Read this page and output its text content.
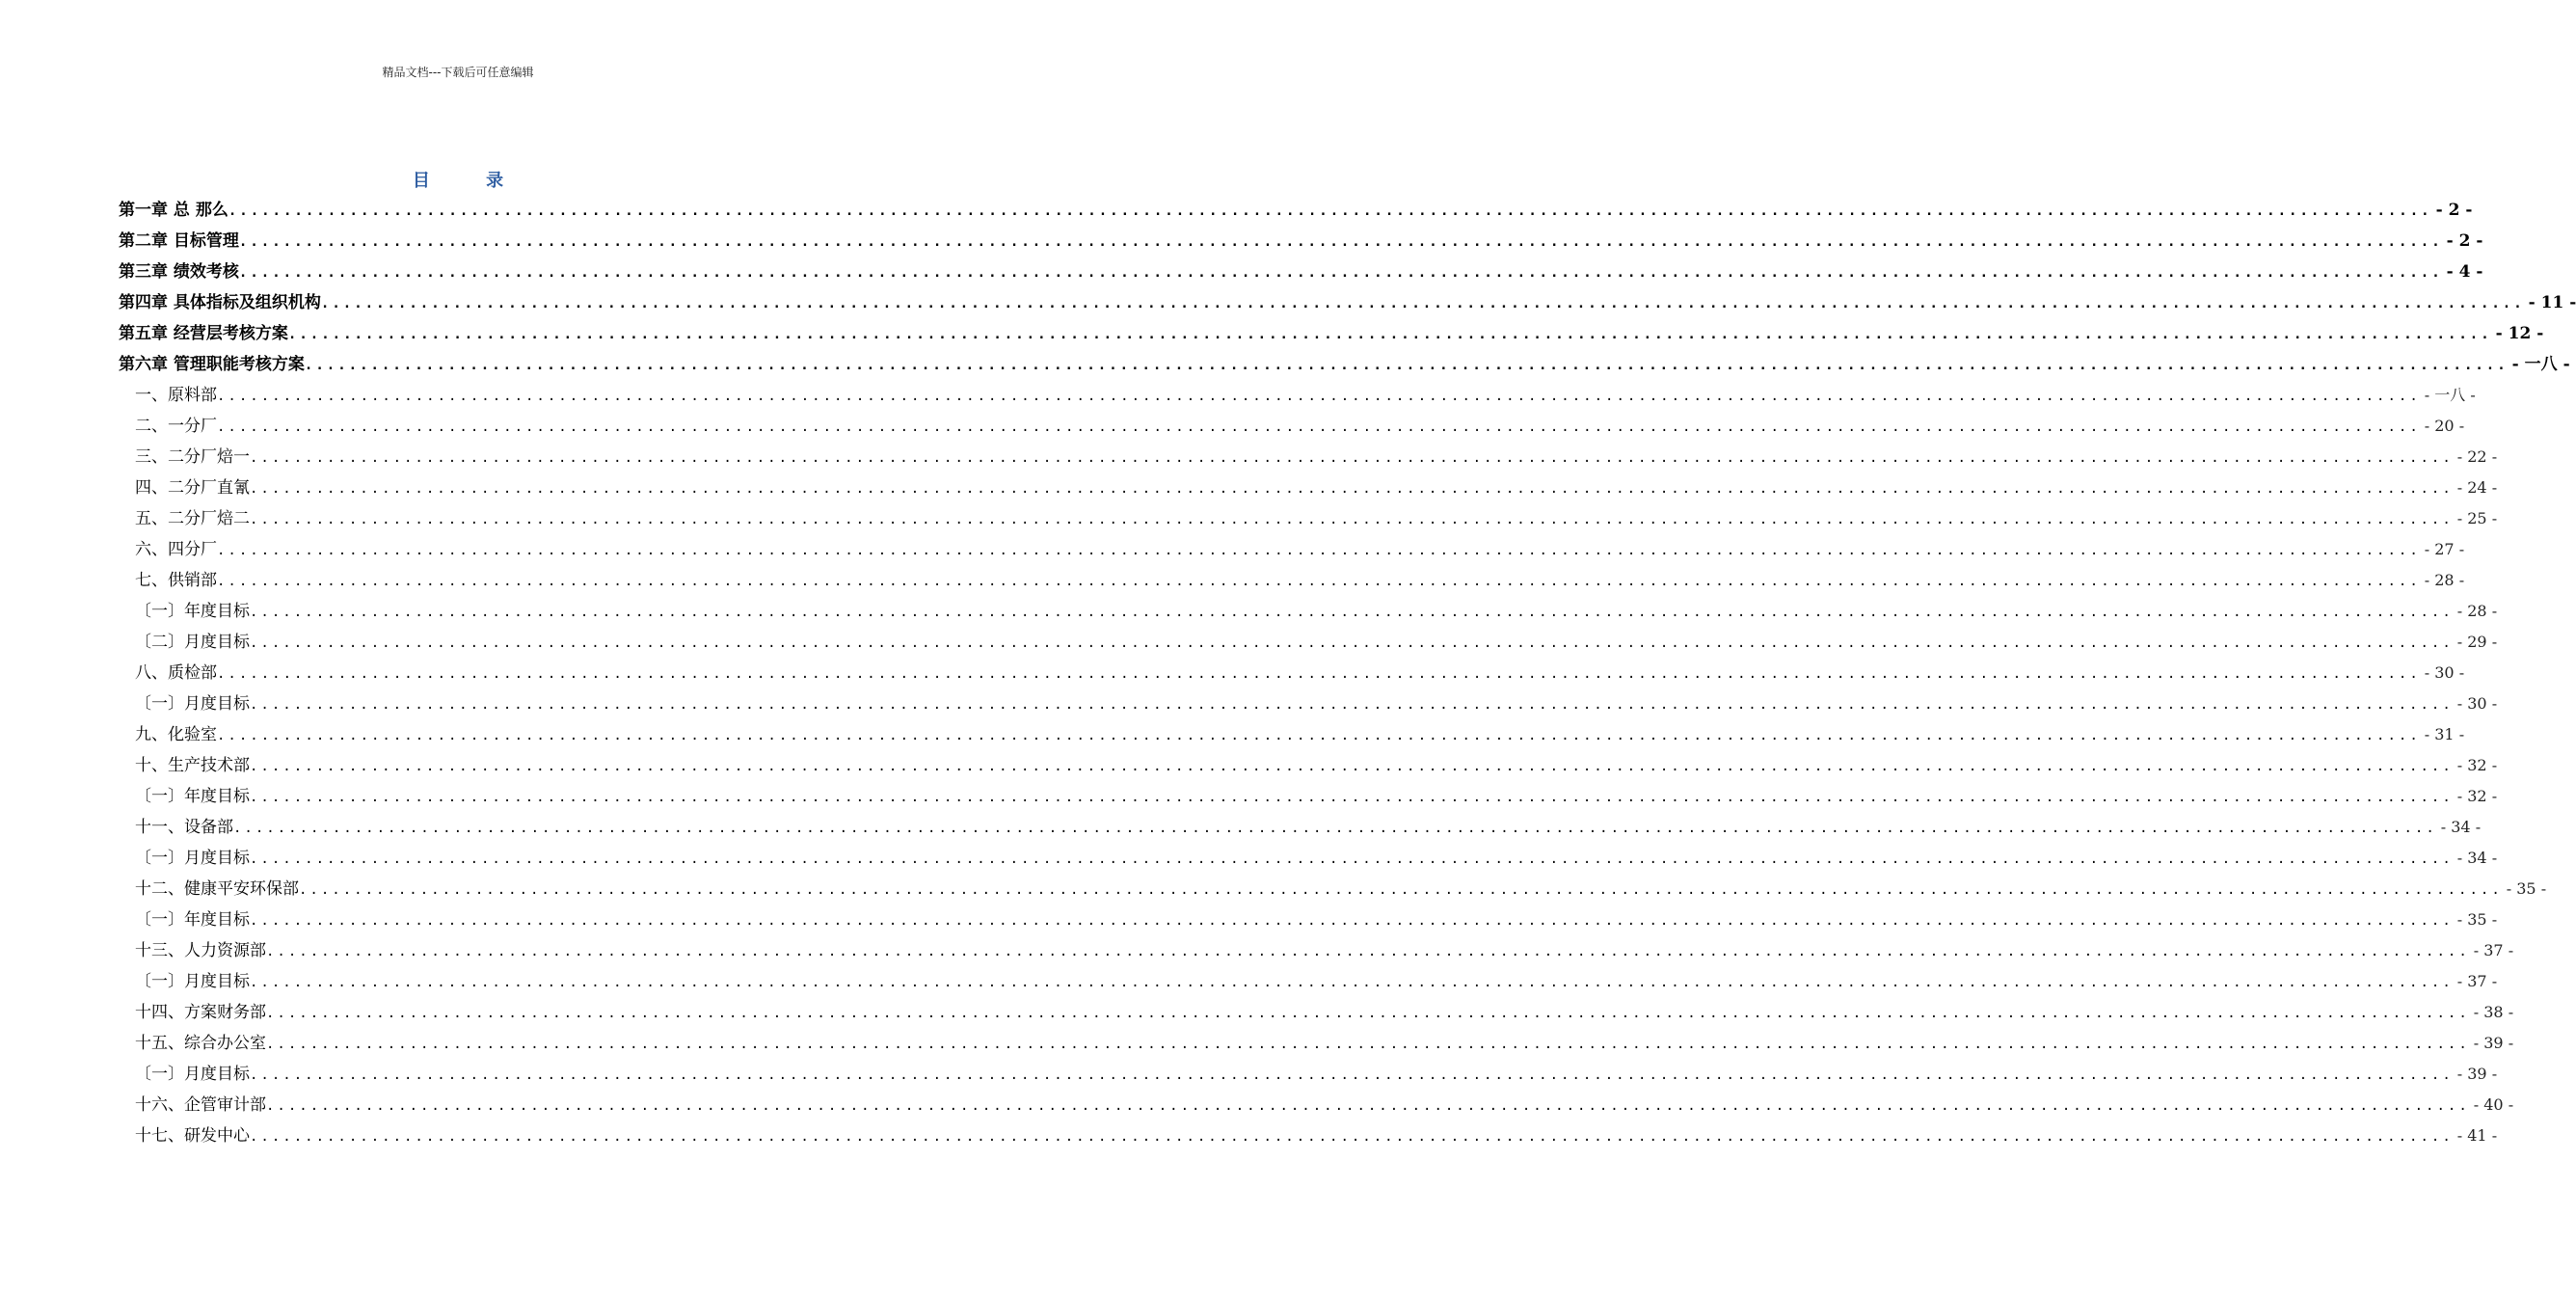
精品文档---下载后可任意编辑
目 录
第一章 总 那么 ........................................................................................................................................................................................................ - 2 -
第二章 目标管理 ........................................................................................................................................................................................................ - 2 -
第三章 绩效考核 ........................................................................................................................................................................................................ - 4 -
第四章 具体指标及组织机构 ........................................................................................................................................................................................................ - 11 -
第五章 经营层考核方案 ........................................................................................................................................................................................................ - 12 -
第六章 管理职能考核方案 ........................................................................................................................................................................................................ - 一八 -
一、原料部 ........................................................................................................................................................................................................ - 一八 -
二、一分厂 ........................................................................................................................................................................................................ - 20 -
三、二分厂焙一 ........................................................................................................................................................................................................ - 22 -
四、二分厂直氰 ........................................................................................................................................................................................................ - 24 -
五、二分厂焙二 ........................................................................................................................................................................................................ - 25 -
六、四分厂 ........................................................................................................................................................................................................ - 27 -
七、供销部 ........................................................................................................................................................................................................ - 28 -
〔一〕年度目标 ........................................................................................................................................................................................................ - 28 -
〔二〕月度目标 ........................................................................................................................................................................................................ - 29 -
八、质检部 ........................................................................................................................................................................................................ - 30 -
〔一〕月度目标 ........................................................................................................................................................................................................ - 30 -
九、化验室 ........................................................................................................................................................................................................ - 31 -
十、生产技术部 ........................................................................................................................................................................................................ - 32 -
〔一〕年度目标 ........................................................................................................................................................................................................ - 32 -
十一、设备部 ........................................................................................................................................................................................................ - 34 -
〔一〕月度目标 ........................................................................................................................................................................................................ - 34 -
十二、健康平安环保部 ........................................................................................................................................................................................................ - 35 -
〔一〕年度目标 ........................................................................................................................................................................................................ - 35 -
十三、人力资源部 ........................................................................................................................................................................................................ - 37 -
〔一〕月度目标 ........................................................................................................................................................................................................ - 37 -
十四、方案财务部 ........................................................................................................................................................................................................ - 38 -
十五、综合办公室 ........................................................................................................................................................................................................ - 39 -
〔一〕月度目标 ........................................................................................................................................................................................................ - 39 -
十六、企管审计部 ........................................................................................................................................................................................................ - 40 -
十七、研发中心 ........................................................................................................................................................................................................ - 41 -
